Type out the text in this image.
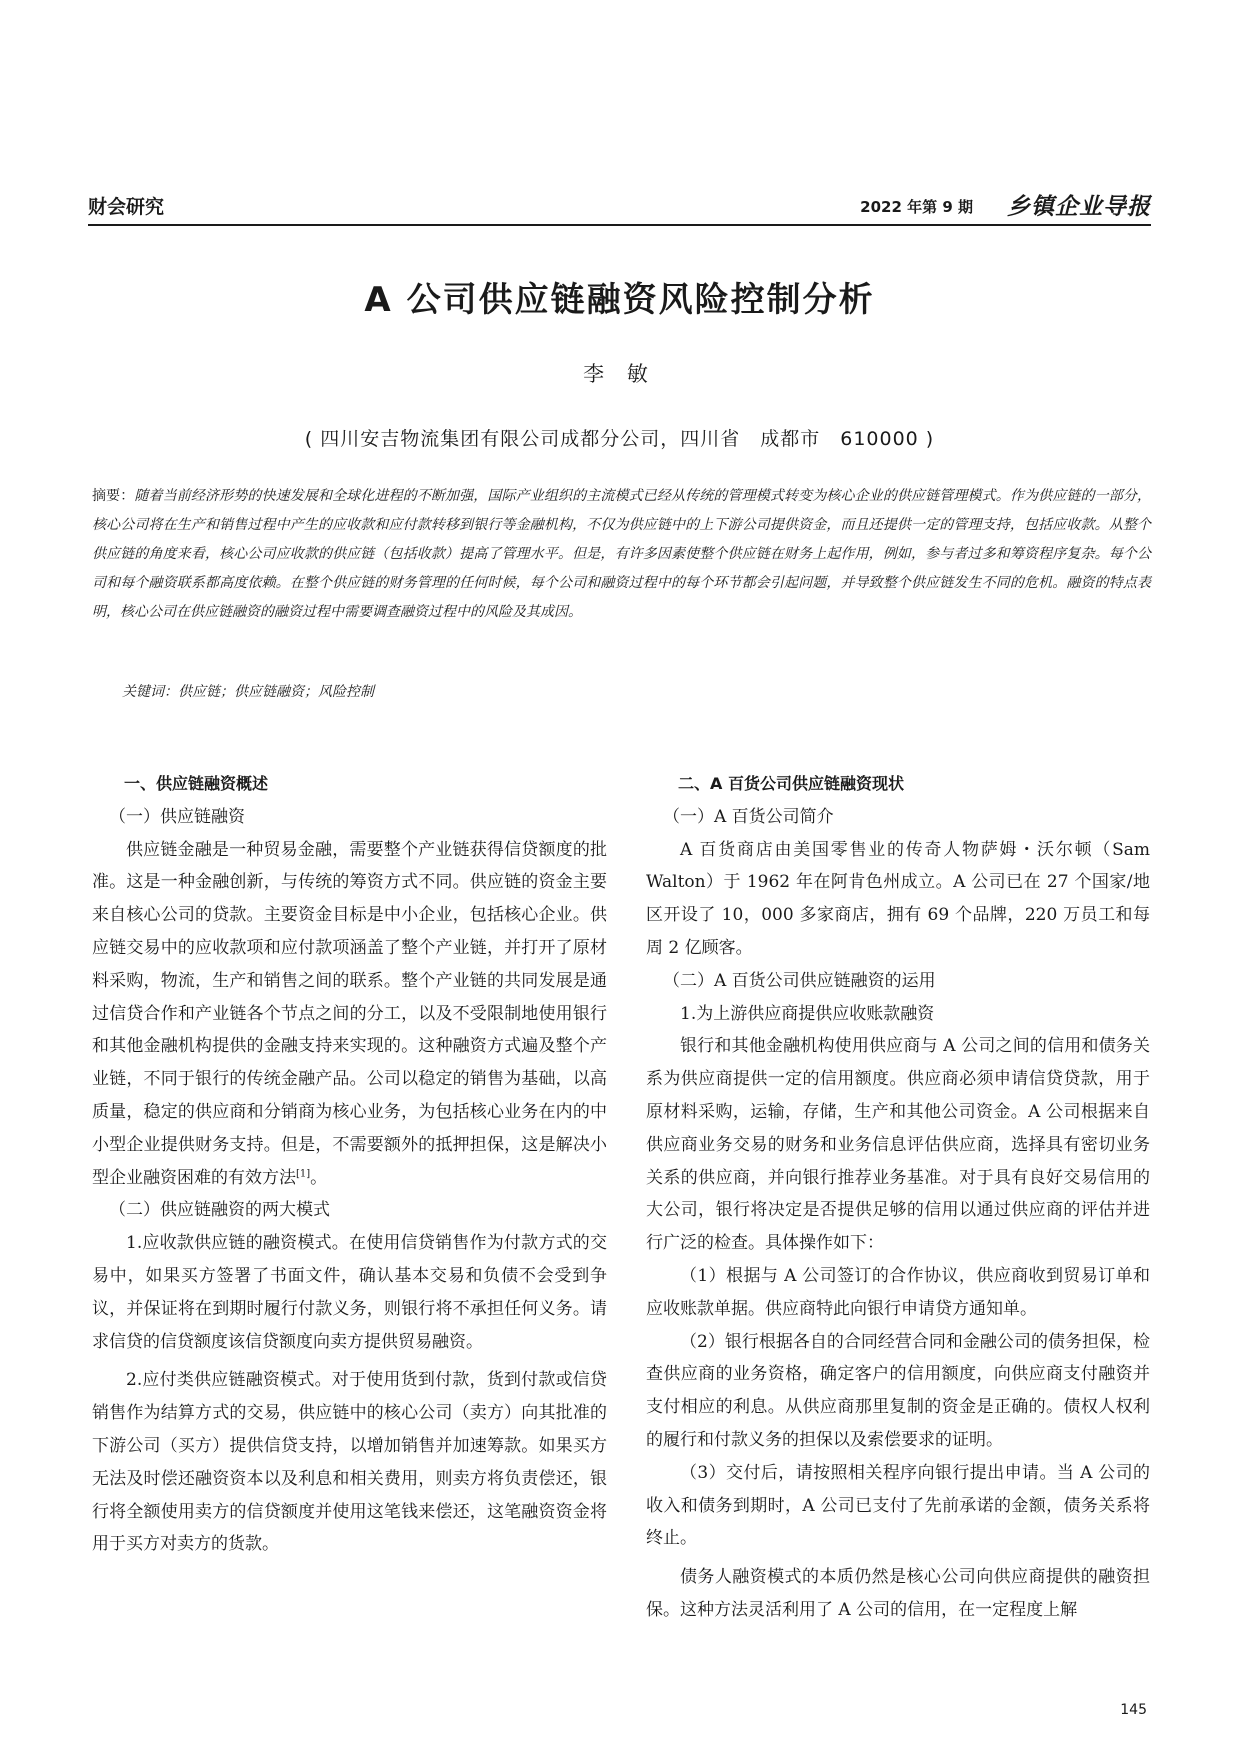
财会研究	2022 年第 9 期 乡镇企业导报
A 公司供应链融资风险控制分析
李 敏
( 四川安吉物流集团有限公司成都分公司，四川省　成都市　610000 )
摘要：随着当前经济形势的快速发展和全球化进程的不断加强，国际产业组织的主流模式已经从传统的管理模式转变为核心企业的供应链管理模式。作为供应链的一部分，核心公司将在生产和销售过程中产生的应收款和应付款转移到银行等金融机构，不仅为供应链中的上下游公司提供资金，而且还提供一定的管理支持，包括应收款。从整个供应链的角度来看，核心公司应收款的供应链（包括收款）提高了管理水平。但是，有许多因素使整个供应链在财务上起作用，例如，参与者过多和筹资程序复杂。每个公司和每个融资联系都高度依赖。在整个供应链的财务管理的任何时候，每个公司和融资过程中的每个环节都会引起问题，并导致整个供应链发生不同的危机。融资的特点表明，核心公司在供应链融资的融资过程中需要调查融资过程中的风险及其成因。
关键词：供应链；供应链融资；风险控制

一、供应链融资概述

（一）供应链融资

供应链金融是一种贸易金融，需要整个产业链获得信贷额度的批准。这是一种金融创新，与传统的筹资方式不同。供应链的资金主要来自核心公司的贷款。主要资金目标是中小企业，包括核心企业。供应链交易中的应收款项和应付款项涵盖了整个产业链，并打开了原材料采购，物流，生产和销售之间的联系。整个产业链的共同发展是通过信贷合作和产业链各个节点之间的分工，以及不受限制地使用银行和其他金融机构提供的金融支持来实现的。这种融资方式遍及整个产业链，不同于银行的传统金融产品。公司以稳定的销售为基础，以高质量，稳定的供应商和分销商为核心业务，为包括核心业务在内的中小型企业提供财务支持。但是，不需要额外的抵押担保，这是解决小型企业融资困难的有效方法[1]。

（二）供应链融资的两大模式

1.应收款供应链的融资模式。在使用信贷销售作为付款方式的交易中，如果买方签署了书面文件，确认基本交易和负债不会受到争议，并保证将在到期时履行付款义务，则银行将不承担任何义务。请求信贷的信贷额度该信贷额度向卖方提供贸易融资。

2.应付类供应链融资模式。对于使用货到付款，货到付款或信贷销售作为结算方式的交易，供应链中的核心公司（卖方）向其批准的下游公司（买方）提供信贷支持，以增加销售并加速筹款。如果买方无法及时偿还融资资本以及利息和相关费用，则卖方将负责偿还，银行将全额使用卖方的信贷额度并使用这笔钱来偿还，这笔融资资金将用于买方对卖方的货款。

二、A 百货公司供应链融资现状

（一）A 百货公司简介

A 百货商店由美国零售业的传奇人物萨姆・沃尔顿（Sam Walton）于 1962 年在阿肯色州成立。A 公司已在 27 个国家/地区开设了 10，000 多家商店，拥有 69 个品牌，220 万员工和每周 2 亿顾客。

（二）A 百货公司供应链融资的运用

1.为上游供应商提供应收账款融资

银行和其他金融机构使用供应商与 A 公司之间的信用和债务关系为供应商提供一定的信用额度。供应商必须申请信贷贷款，用于原材料采购，运输，存储，生产和其他公司资金。A 公司根据来自供应商业务交易的财务和业务信息评估供应商，选择具有密切业务关系的供应商，并向银行推荐业务基准。对于具有良好交易信用的大公司，银行将决定是否提供足够的信用以通过供应商的评估并进行广泛的检查。具体操作如下：

（1）根据与 A 公司签订的合作协议，供应商收到贸易订单和应收账款单据。供应商特此向银行申请贷方通知单。

（2）银行根据各自的合同经营合同和金融公司的债务担保，检查供应商的业务资格，确定客户的信用额度，向供应商支付融资并支付相应的利息。从供应商那里复制的资金是正确的。债权人权利的履行和付款义务的担保以及索偿要求的证明。

（3）交付后，请按照相关程序向银行提出申请。当 A 公司的收入和债务到期时，A 公司已支付了先前承诺的金额，债务关系将终止。

债务人融资模式的本质仍然是核心公司向供应商提供的融资担保。这种方法灵活利用了 A 公司的信用，在一定程度上解

145
